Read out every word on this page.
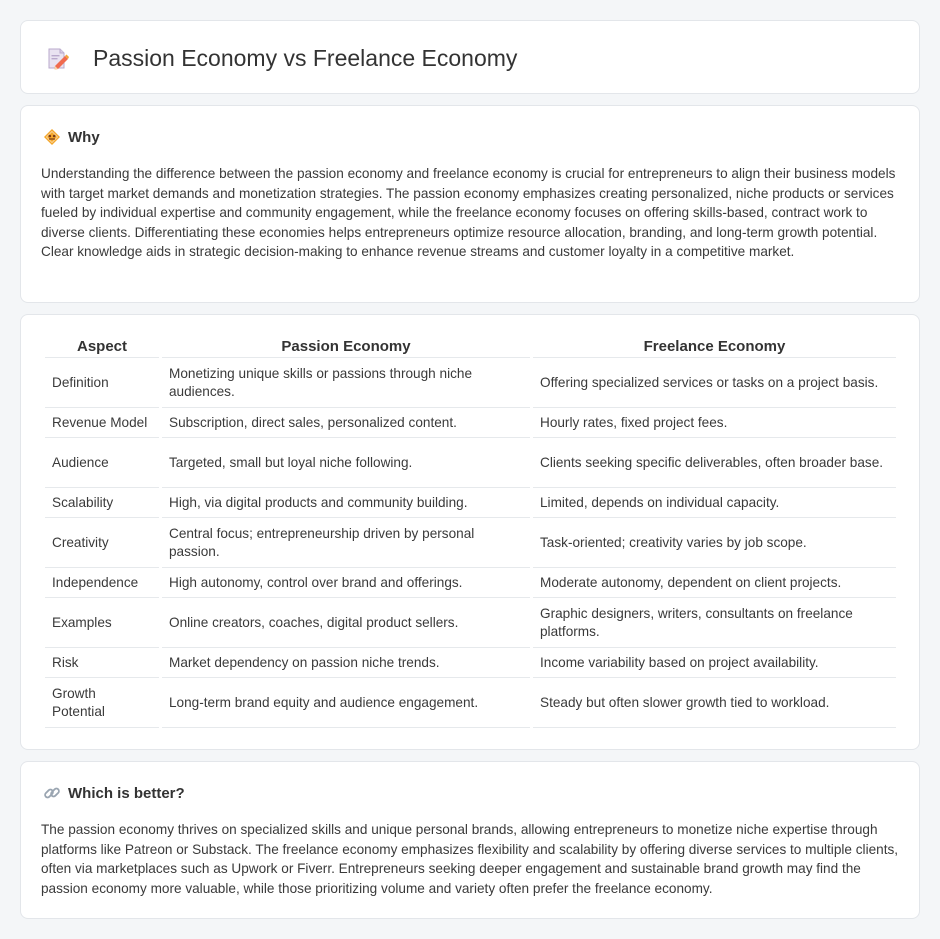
Passion Economy vs Freelance Economy
Why

Understanding the difference between the passion economy and freelance economy is crucial for entrepreneurs to align their business models with target market demands and monetization strategies. The passion economy emphasizes creating personalized, niche products or services fueled by individual expertise and community engagement, while the freelance economy focuses on offering skills-based, contract work to diverse clients. Differentiating these economies helps entrepreneurs optimize resource allocation, branding, and long-term growth potential. Clear knowledge aids in strategic decision-making to enhance revenue streams and customer loyalty in a competitive market.

Aspect	Passion Economy	Freelance Economy
Definition	Monetizing unique skills or passions through niche audiences.	Offering specialized services or tasks on a project basis.
Revenue Model	Subscription, direct sales, personalized content.	Hourly rates, fixed project fees.
Audience	Targeted, small but loyal niche following.	Clients seeking specific deliverables, often broader base.
Scalability	High, via digital products and community building.	Limited, depends on individual capacity.
Creativity	Central focus; entrepreneurship driven by personal passion.	Task-oriented; creativity varies by job scope.
Independence	High autonomy, control over brand and offerings.	Moderate autonomy, dependent on client projects.
Examples	Online creators, coaches, digital product sellers.	Graphic designers, writers, consultants on freelance platforms.
Risk	Market dependency on passion niche trends.	Income variability based on project availability.
Growth Potential	Long-term brand equity and audience engagement.	Steady but often slower growth tied to workload.
Which is better?

The passion economy thrives on specialized skills and unique personal brands, allowing entrepreneurs to monetize niche expertise through platforms like Patreon or Substack. The freelance economy emphasizes flexibility and scalability by offering diverse services to multiple clients, often via marketplaces such as Upwork or Fiverr. Entrepreneurs seeking deeper engagement and sustainable brand growth may find the passion economy more valuable, while those prioritizing volume and variety often prefer the freelance economy.
